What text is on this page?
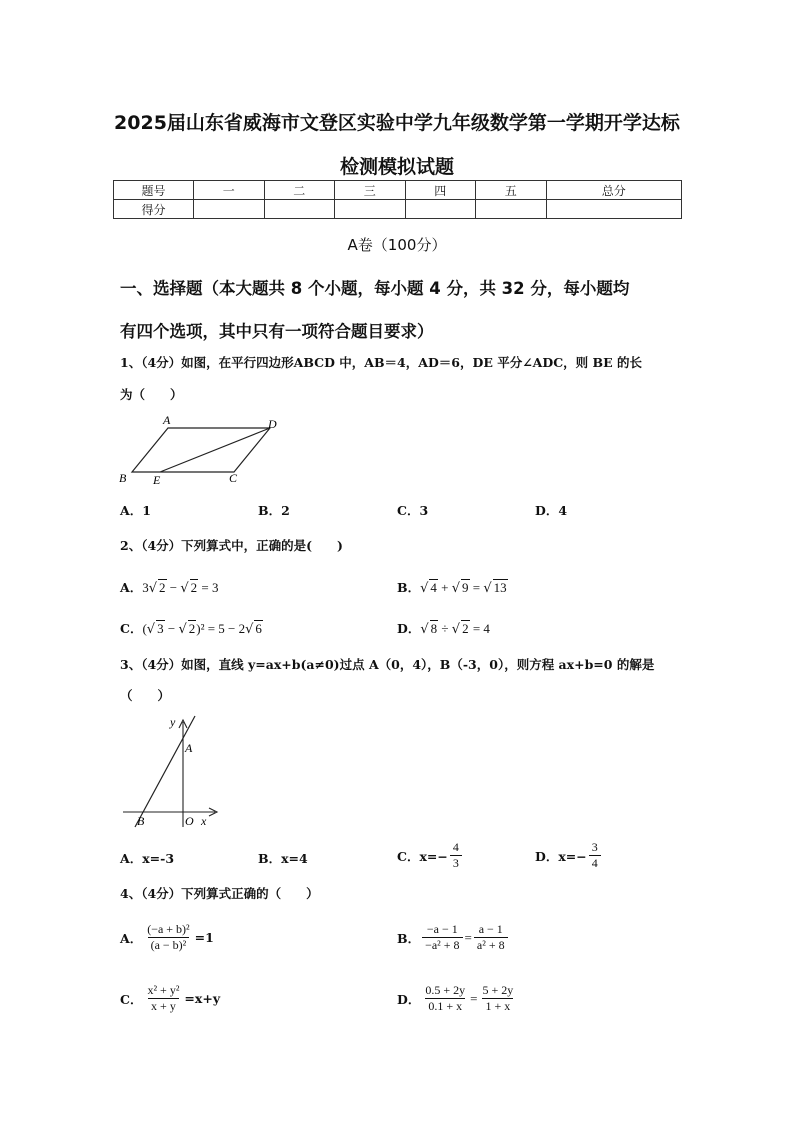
2025届山东省威海市文登区实验中学九年级数学第一学期开学达标
检测模拟试题
题号	一	二	三	四	五	总分
得分						
A卷（100分）
一、选择题（本大题共 8 个小题，每小题 4 分，共 32 分，每小题均
有四个选项，其中只有一项符合题目要求）
1、（4分）如图，在平行四边形ABCD 中，AB＝4，AD＝6，DE 平分∠ADC，则 BE 的长
为（　　）
A	D
B E	C
A．1	B．2	C．3	D．4
2、（4分）下列算式中，正确的是(　　)
A． 3√ 2 − √ 2 = 3	B． √ 4 + √ 9 = √ 13
C． (√ 3 − √ 2)² = 5 − 2√ 6	D． √ 8 ÷ √ 2 = 4
3、（4分）如图，直线 y=ax+b(a≠0)过点 A（0，4），B（-3，0），则方程 ax+b=0 的解是
（　　）
y
A
B	O x
A．x=-3	B．x=4	C．$x=- \frac{4}{3}$	D．$x=- \frac{3}{4}$
4、（4分）下列算式正确的（　　）
A． $\frac{\text{(−a + b)²}}{\text{(a − b)²}} =1$	B． $\frac{-a - 1}{\text{−a² + 8}} = \frac{a - 1}{\text{a² + 8}}$
C． $\frac{\text{x² + y²}}{x + y} =x+y$	D． $\frac{0.5 + 2y}{0.1 + x} = \frac{5 + 2y}{1 + x}$
